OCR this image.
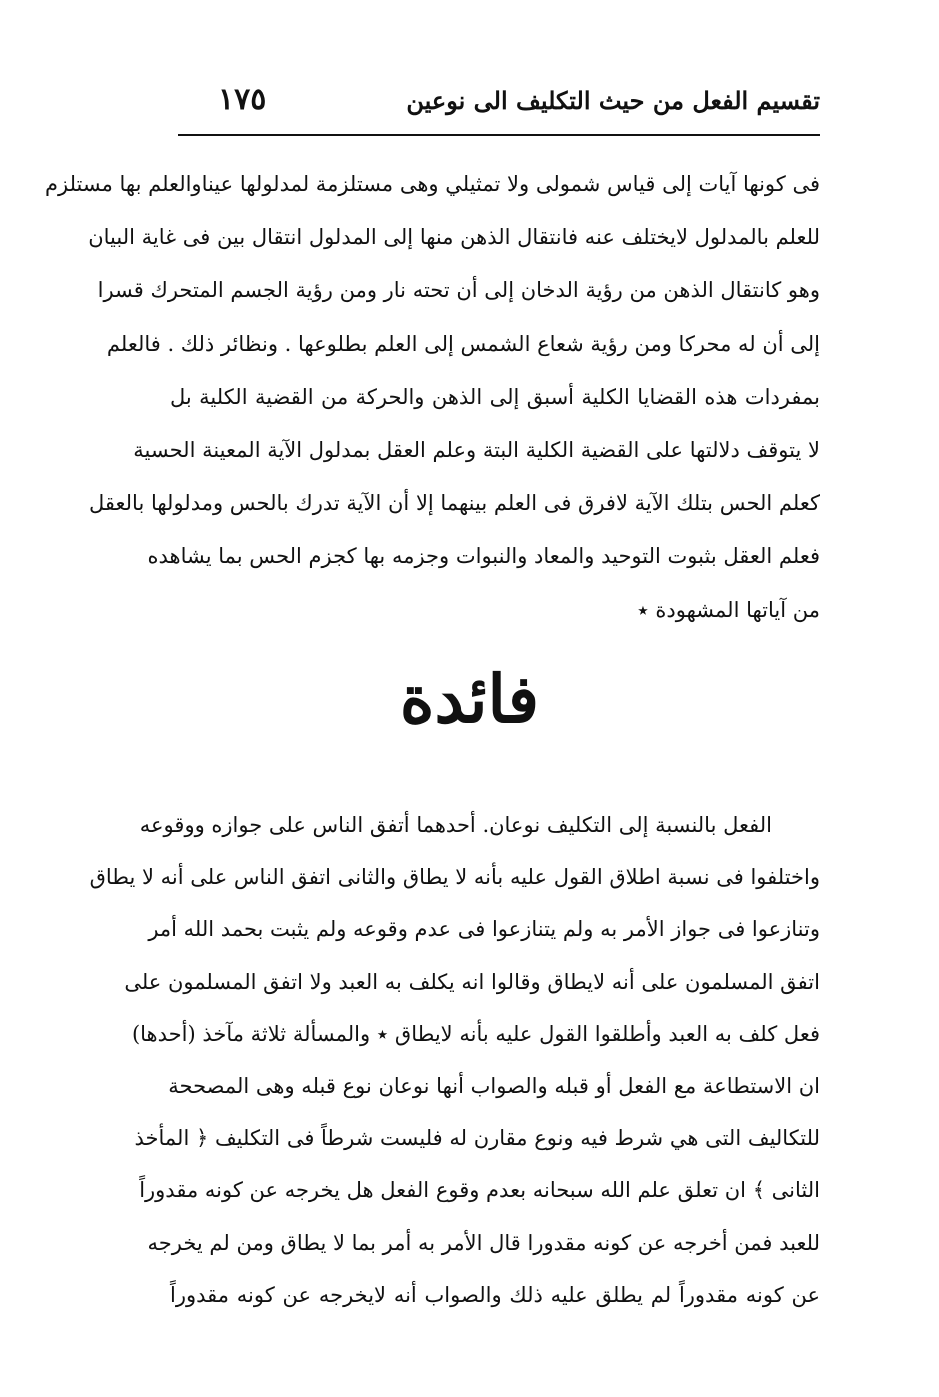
تقسيم الفعل من حيث التكليف الى نوعين
١٧٥
فى كونها آيات إلى قياس شمولى ولا تمثيلي وهى مستلزمة لمدلولها عيناوالعلم بها مستلزم
للعلم بالمدلول لايختلف عنه فانتقال الذهن منها إلى المدلول انتقال بين فى غاية البيان
وهو كانتقال الذهن من رؤية الدخان إلى أن تحته نار ومن رؤية الجسم المتحرك قسرا
إلى أن له محركا ومن رؤية شعاع الشمس إلى العلم بطلوعها . ونظائر ذلك . فالعلم
بمفردات هذه القضايا الكلية أسبق إلى الذهن والحركة من القضية الكلية بل
لا يتوقف دلالتها على القضية الكلية البتة وعلم العقل بمدلول الآية المعينة الحسية
كعلم الحس بتلك الآية لافرق فى العلم بينهما إلا أن الآية تدرك بالحس ومدلولها بالعقل
فعلم العقل بثبوت التوحيد والمعاد والنبوات وجزمه بها كجزم الحس بما يشاهده
من آياتها المشهودة ٭
فائدة
الفعل بالنسبة إلى التكليف نوعان. أحدهما أتفق الناس على جوازه ووقوعه
واختلفوا فى نسبة اطلاق القول عليه بأنه لا يطاق والثانى اتفق الناس على أنه لا يطاق
وتنازعوا فى جواز الأمر به ولم يتنازعوا فى عدم وقوعه ولم يثبت بحمد الله أمر
اتفق المسلمون على أنه لايطاق وقالوا انه يكلف به العبد ولا اتفق المسلمون على
فعل كلف به العبد وأطلقوا القول عليه بأنه لايطاق ٭ والمسألة ثلاثة مآخذ (أحدها)
ان الاستطاعة مع الفعل أو قبله والصواب أنها نوعان نوع قبله وهى المصححة
للتكاليف التى هي شرط فيه ونوع مقارن له فليست شرطاً فى التكليف ﴿ المأخذ
الثانى ﴾ ان تعلق علم الله سبحانه بعدم وقوع الفعل هل يخرجه عن كونه مقدوراً
للعبد فمن أخرجه عن كونه مقدورا قال الأمر به أمر بما لا يطاق ومن لم يخرجه
عن كونه مقدوراً لم يطلق عليه ذلك والصواب أنه لايخرجه عن كونه مقدوراً
